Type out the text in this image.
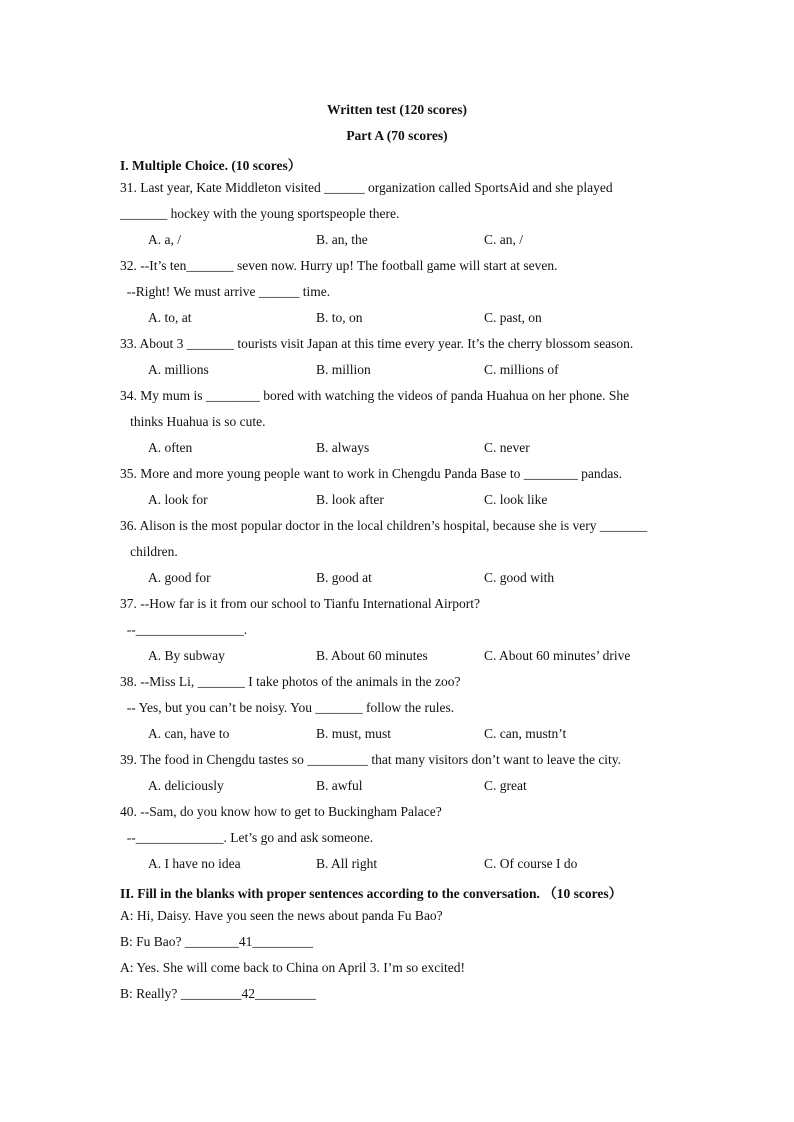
Written test (120 scores)
Part A (70 scores)
I. Multiple Choice. (10 scores）
31. Last year, Kate Middleton visited ______ organization called SportsAid and she played
_______ hockey with the young sportspeople there.
A. a, /	B. an, the	C. an, /
32. --It’s ten_______ seven now. Hurry up! The football game will start at seven.
--Right! We must arrive ______ time.
A. to, at	B. to, on	C. past, on
33. About 3 _______ tourists visit Japan at this time every year. It’s the cherry blossom season.
A. millions	B. million	C. millions of
34. My mum is ________ bored with watching the videos of panda Huahua on her phone. She
thinks Huahua is so cute.
A. often	B. always	C. never
35. More and more young people want to work in Chengdu Panda Base to ________ pandas.
A. look for	B. look after	C. look like
36. Alison is the most popular doctor in the local children’s hospital, because she is very _______
children.
A. good for	B. good at	C. good with
37. --How far is it from our school to Tianfu International Airport?
--________________.
A. By subway	B. About 60 minutes	C. About 60 minutes’ drive
38. --Miss Li, _______ I take photos of the animals in the zoo?
-- Yes, but you can’t be noisy. You _______ follow the rules.
A. can, have to	B. must, must	C. can, mustn’t
39. The food in Chengdu tastes so _________ that many visitors don’t want to leave the city.
A. deliciously	B. awful	C. great
40. --Sam, do you know how to get to Buckingham Palace?
--_____________. Let’s go and ask someone.
A. I have no idea	B. All right	C. Of course I do
II. Fill in the blanks with proper sentences according to the conversation. （10 scores）
A: Hi, Daisy. Have you seen the news about panda Fu Bao?
B: Fu Bao? ________41_________
A: Yes. She will come back to China on April 3. I’m so excited!
B: Really? _________42_________
